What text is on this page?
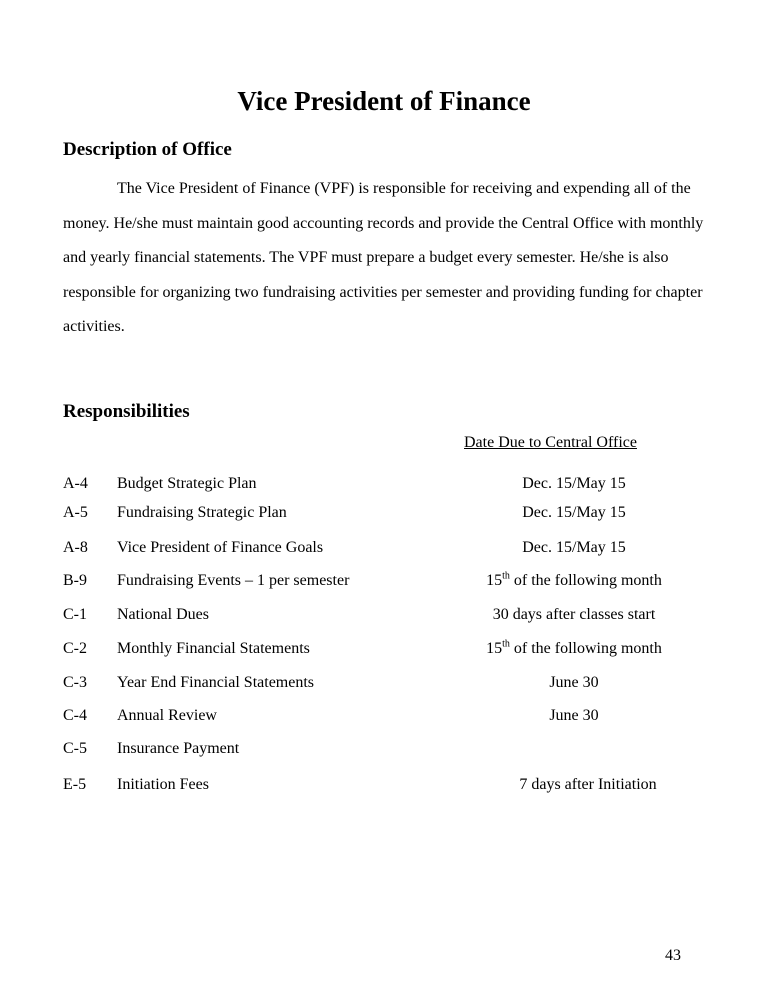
Vice President of Finance
Description of Office

The Vice President of Finance (VPF) is responsible for receiving and expending all of the money. He/she must maintain good accounting records and provide the Central Office with monthly and yearly financial statements. The VPF must prepare a budget every semester. He/she is also responsible for organizing two fundraising activities per semester and providing funding for chapter activities.

Responsibilities
Date Due to Central Office
A-4 Budget Strategic Plan	Dec. 15/May 15
A-5 Fundraising Strategic Plan	Dec. 15/May 15
A-8 Vice President of Finance Goals	Dec. 15/May 15
B-9 Fundraising Events – 1 per semester	15th of the following month
C-1 National Dues	30 days after classes start
C-2 Monthly Financial Statements	15th of the following month
C-3 Year End Financial Statements	June 30
C-4 Annual Review	June 30
C-5 Insurance Payment
E-5 Initiation Fees	7 days after Initiation
43
